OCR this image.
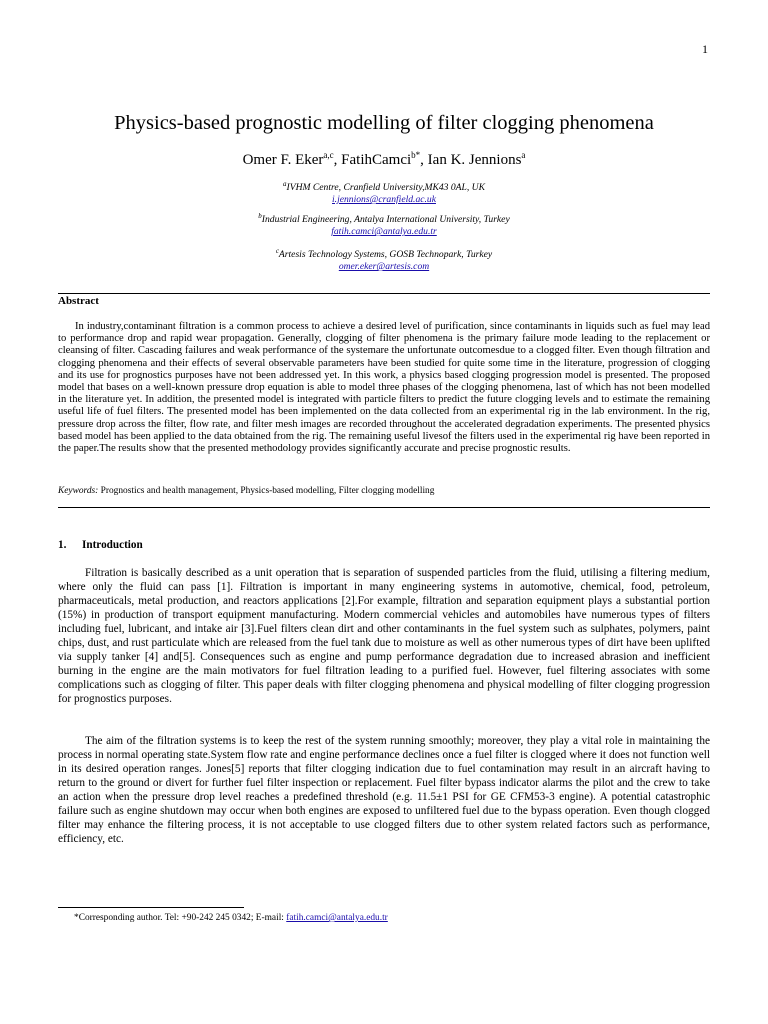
1
Physics-based prognostic modelling of filter clogging phenomena
Omer F. Eker$^{a,c}$, FatihCamci$^{b*}$, Ian K. Jennions$^a$
$^a$IVHM Centre, Cranfield University,MK43 0AL, UK
i.jennions@cranfield.ac.uk
$^b$Industrial Engineering, Antalya International University, Turkey
fatih.camci@antalya.edu.tr
$^c$Artesis Technology Systems, GOSB Technopark, Turkey
omer.eker@artesis.com
Abstract

In industry,contaminant filtration is a common process to achieve a desired level of purification, since contaminants in liquids such as fuel may lead to performance drop and rapid wear propagation. Generally, clogging of filter phenomena is the primary failure mode leading to the replacement or cleansing of filter. Cascading failures and weak performance of the systemare the unfortunate outcomesdue to a clogged filter. Even though filtration and clogging phenomena and their effects of several observable parameters have been studied for quite some time in the literature, progression of clogging and its use for prognostics purposes have not been addressed yet. In this work, a physics based clogging progression model is presented. The proposed model that bases on a well-known pressure drop equation is able to model three phases of the clogging phenomena, last of which has not been modelled in the literature yet. In addition, the presented model is integrated with particle filters to predict the future clogging levels and to estimate the remaining useful life of fuel filters. The presented model has been implemented on the data collected from an experimental rig in the lab environment. In the rig, pressure drop across the filter, flow rate, and filter mesh images are recorded throughout the accelerated degradation experiments. The presented physics based model has been applied to the data obtained from the rig. The remaining useful livesof the filters used in the experimental rig have been reported in the paper.The results show that the presented methodology provides significantly accurate and precise prognostic results.

Keywords: Prognostics and health management, Physics-based modelling, Filter clogging modelling

1. Introduction

Filtration is basically described as a unit operation that is separation of suspended particles from the fluid, utilising a filtering medium, where only the fluid can pass [1]. Filtration is important in many engineering systems in automotive, chemical, food, petroleum, pharmaceuticals, metal production, and reactors applications [2].For example, filtration and separation equipment plays a substantial portion (15%) in production of transport equipment manufacturing. Modern commercial vehicles and automobiles have numerous types of filters including fuel, lubricant, and intake air [3].Fuel filters clean dirt and other contaminants in the fuel system such as sulphates, polymers, paint chips, dust, and rust particulate which are released from the fuel tank due to moisture as well as other numerous types of dirt have been uplifted via supply tanker [4] and[5]. Consequences such as engine and pump performance degradation due to increased abrasion and inefficient burning in the engine are the main motivators for fuel filtration leading to a purified fuel. However, fuel filtering associates with some complications such as clogging of filter. This paper deals with filter clogging phenomena and physical modelling of filter clogging progression for prognostics purposes.

The aim of the filtration systems is to keep the rest of the system running smoothly; moreover, they play a vital role in maintaining the process in normal operating state.System flow rate and engine performance declines once a fuel filter is clogged where it does not function well in its desired operation ranges. Jones[5] reports that filter clogging indication due to fuel contamination may result in an aircraft having to return to the ground or divert for further fuel filter inspection or replacement. Fuel filter bypass indicator alarms the pilot and the crew to take an action when the pressure drop level reaches a predefined threshold (e.g. 11.5±1 PSI for GE CFM53-3 engine). A potential catastrophic failure such as engine shutdown may occur when both engines are exposed to unfiltered fuel due to the bypass operation. Even though clogged filter may enhance the filtering process, it is not acceptable to use clogged filters due to other system related factors such as performance, efficiency, etc.

*Corresponding author. Tel: +90-242 245 0342; E-mail: fatih.camci@antalya.edu.tr
